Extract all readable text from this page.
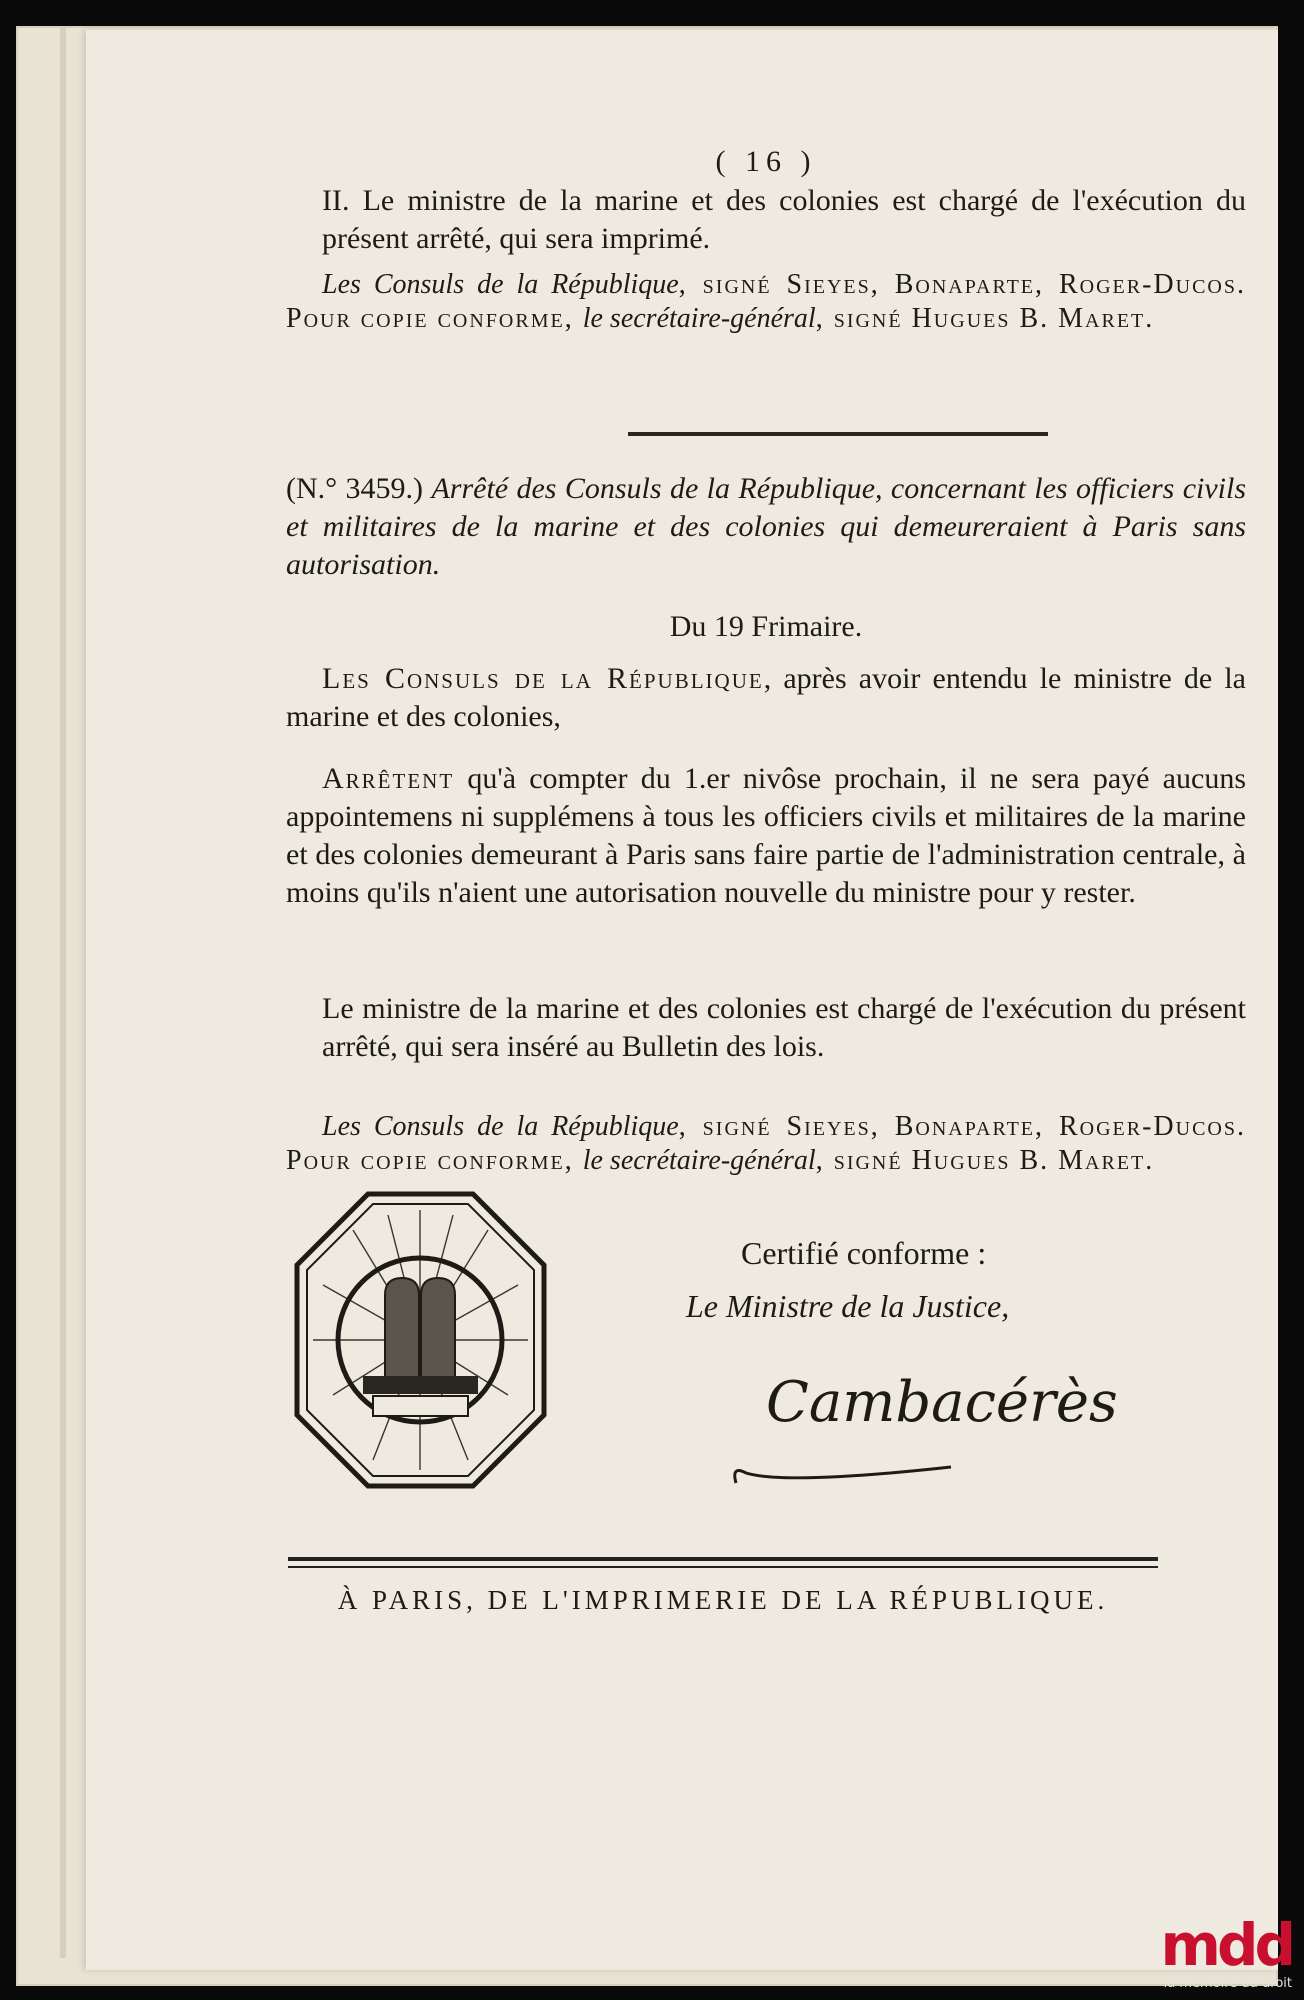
( 16 )
II. Le ministre de la marine et des colonies est chargé de l'exécution du présent arrêté, qui sera imprimé.
Les Consuls de la République, signé Sieyes, Bonaparte, Roger-Ducos. Pour copie conforme, le secrétaire-général, signé Hugues B. Maret.
(N.° 3459.) Arrêté des Consuls de la République, concernant les officiers civils et militaires de la marine et des colonies qui demeureraient à Paris sans autorisation.
Du 19 Frimaire.
Les Consuls de la République, après avoir entendu le ministre de la marine et des colonies,
Arrêtent qu'à compter du 1.er nivôse prochain, il ne sera payé aucuns appointemens ni supplémens à tous les officiers civils et militaires de la marine et des colonies demeurant à Paris sans faire partie de l'administration centrale, à moins qu'ils n'aient une autorisation nouvelle du ministre pour y rester.
Le ministre de la marine et des colonies est chargé de l'exécution du présent arrêté, qui sera inséré au Bulletin des lois.
Les Consuls de la République, signé Sieyes, Bonaparte, Roger-Ducos. Pour copie conforme, le secrétaire-général, signé Hugues B. Maret.
Certifié conforme :
Le Ministre de la Justice,
Cambacérès
À PARIS, DE L'IMPRIMERIE DE LA RÉPUBLIQUE.
mdd
la mémoire du droit
